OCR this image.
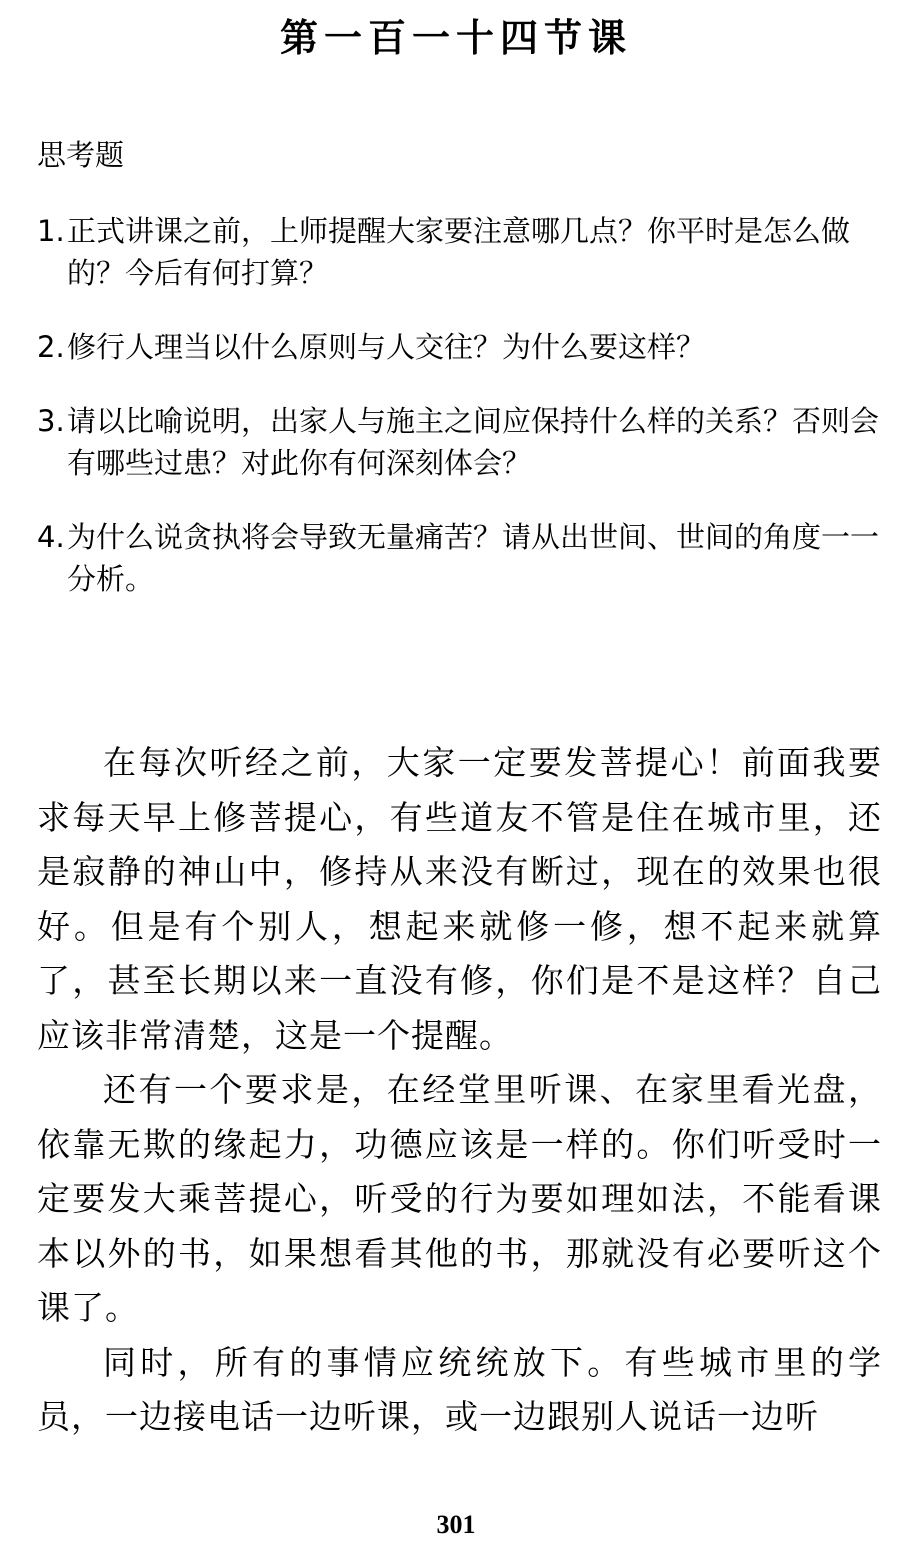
第一百一十四节课
思考题
1. 正式讲课之前，上师提醒大家要注意哪几点？你平时是怎么做的？今后有何打算？
2. 修行人理当以什么原则与人交往？为什么要这样？
3. 请以比喻说明，出家人与施主之间应保持什么样的关系？否则会有哪些过患？对此你有何深刻体会？
4. 为什么说贪执将会导致无量痛苦？请从出世间、世间的角度一一分析。

在每次听经之前，大家一定要发菩提心！前面我要求每天早上修菩提心，有些道友不管是住在城市里，还是寂静的神山中，修持从来没有断过，现在的效果也很好。但是有个别人，想起来就修一修，想不起来就算了，甚至长期以来一直没有修，你们是不是这样？自己应该非常清楚，这是一个提醒。

还有一个要求是，在经堂里听课、在家里看光盘，依靠无欺的缘起力，功德应该是一样的。你们听受时一定要发大乘菩提心，听受的行为要如理如法，不能看课本以外的书，如果想看其他的书，那就没有必要听这个课了。

同时，所有的事情应统统放下。有些城市里的学员，一边接电话一边听课，或一边跟别人说话一边听

301
